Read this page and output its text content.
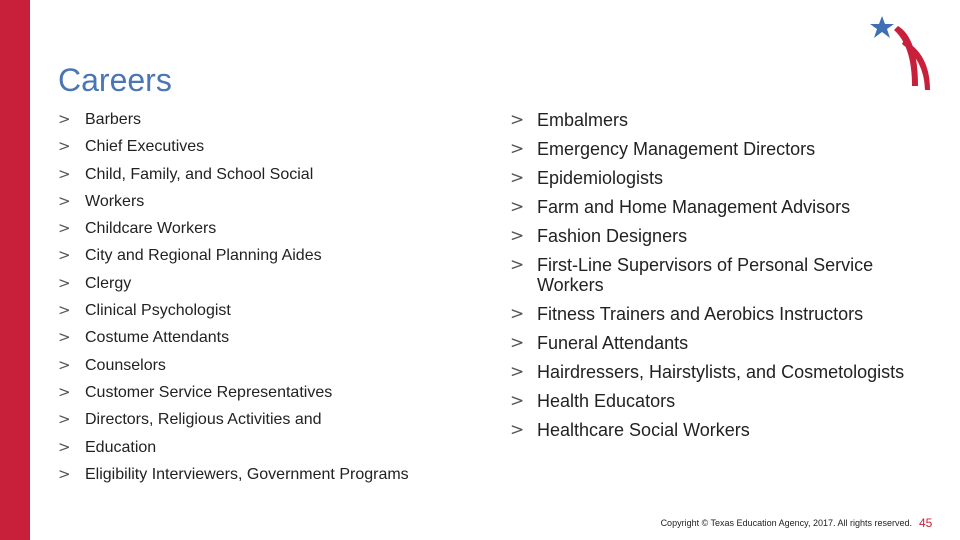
Careers
> Barbers
> Chief Executives
> Child, Family, and School Social
> Workers
> Childcare Workers
> City and Regional Planning Aides
> Clergy
> Clinical Psychologist
> Costume Attendants
> Counselors
> Customer Service Representatives
> Directors, Religious Activities and
> Education
> Eligibility Interviewers, Government Programs
> Embalmers
> Emergency Management Directors
> Epidemiologists
> Farm and Home Management Advisors
> Fashion Designers
> First-Line Supervisors of Personal Service Workers
> Fitness Trainers and Aerobics Instructors
> Funeral Attendants
> Hairdressers, Hairstylists, and Cosmetologists
> Health Educators
> Healthcare Social Workers
Copyright © Texas Education Agency, 2017. All rights reserved. 45
